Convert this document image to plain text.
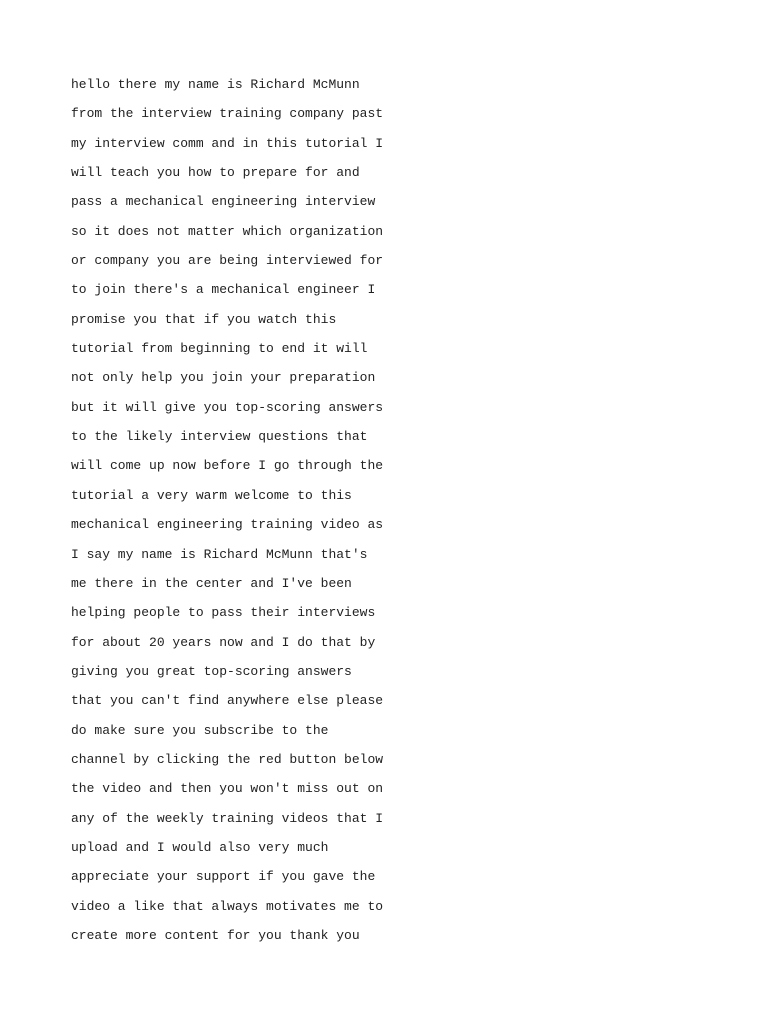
hello there my name is Richard McMunn

from the interview training company past

my interview comm and in this tutorial I

will teach you how to prepare for and

pass a mechanical engineering interview

so it does not matter which organization

or company you are being interviewed for

to join there's a mechanical engineer I

promise you that if you watch this

tutorial from beginning to end it will

not only help you join your preparation

but it will give you top-scoring answers

to the likely interview questions that

will come up now before I go through the

tutorial a very warm welcome to this

mechanical engineering training video as

I say my name is Richard McMunn that's

me there in the center and I've been

helping people to pass their interviews

for about 20 years now and I do that by

giving you great top-scoring answers

that you can't find anywhere else please

do make sure you subscribe to the

channel by clicking the red button below

the video and then you won't miss out on

any of the weekly training videos that I

upload and I would also very much

appreciate your support if you gave the

video a like that always motivates me to

create more content for you thank you
